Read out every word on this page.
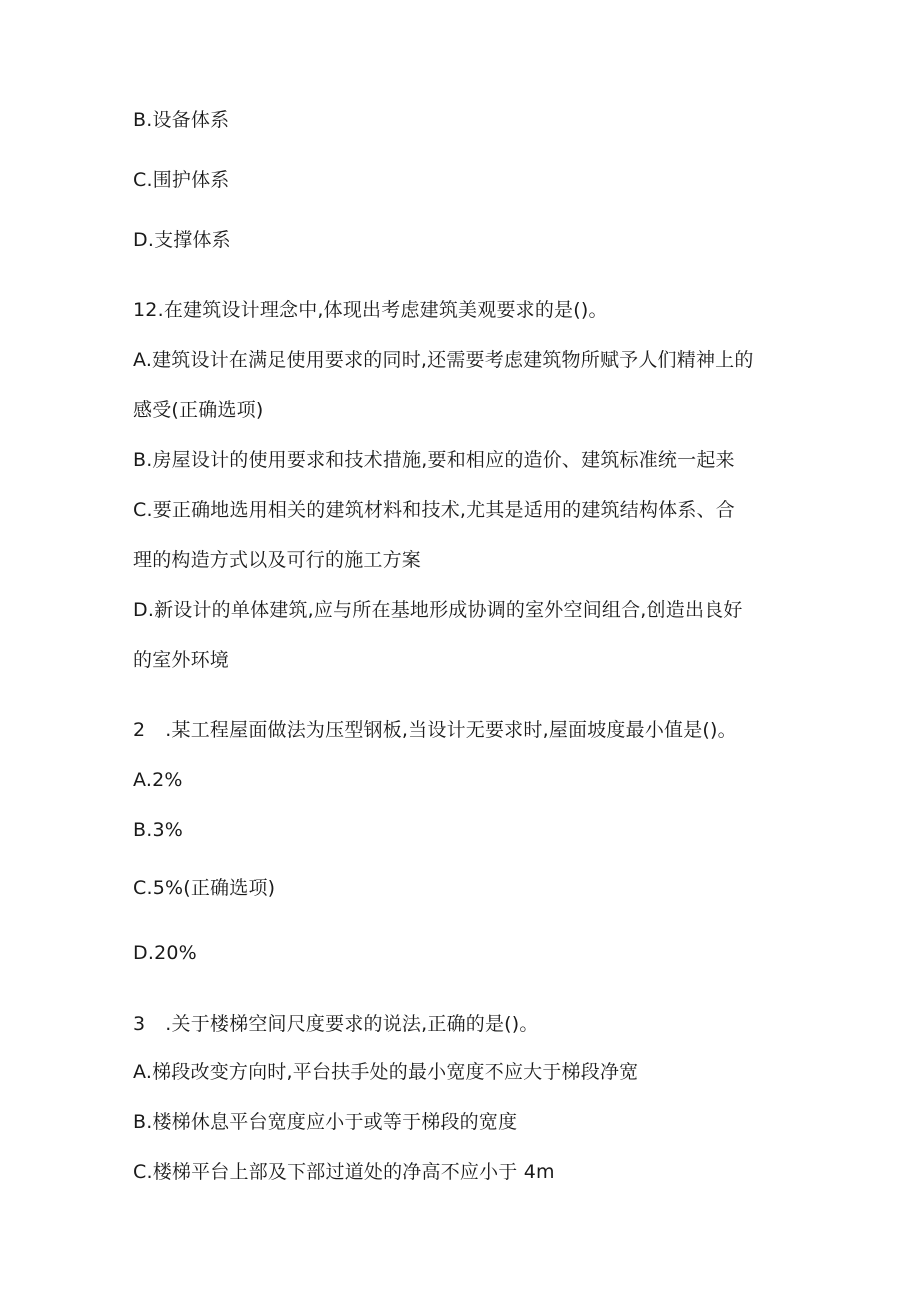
B.设备体系
C.围护体系
D.支撑体系
12.在建筑设计理念中,体现出考虑建筑美观要求的是()。
A.建筑设计在满足使用要求的同时,还需要考虑建筑物所赋予人们精神上的
感受(正确选项)
B.房屋设计的使用要求和技术措施,要和相应的造价、建筑标准统一起来
C.要正确地选用相关的建筑材料和技术,尤其是适用的建筑结构体系、合
理的构造方式以及可行的施工方案
D.新设计的单体建筑,应与所在基地形成协调的室外空间组合,创造出良好
的室外环境
2 .某工程屋面做法为压型钢板,当设计无要求时,屋面坡度最小值是()。
A.2%
B.3%
C.5%(正确选项)
D.20%
3 .关于楼梯空间尺度要求的说法,正确的是()。
A.梯段改变方向时,平台扶手处的最小宽度不应大于梯段净宽
B.楼梯休息平台宽度应小于或等于梯段的宽度
C.楼梯平台上部及下部过道处的净高不应小于 4m
